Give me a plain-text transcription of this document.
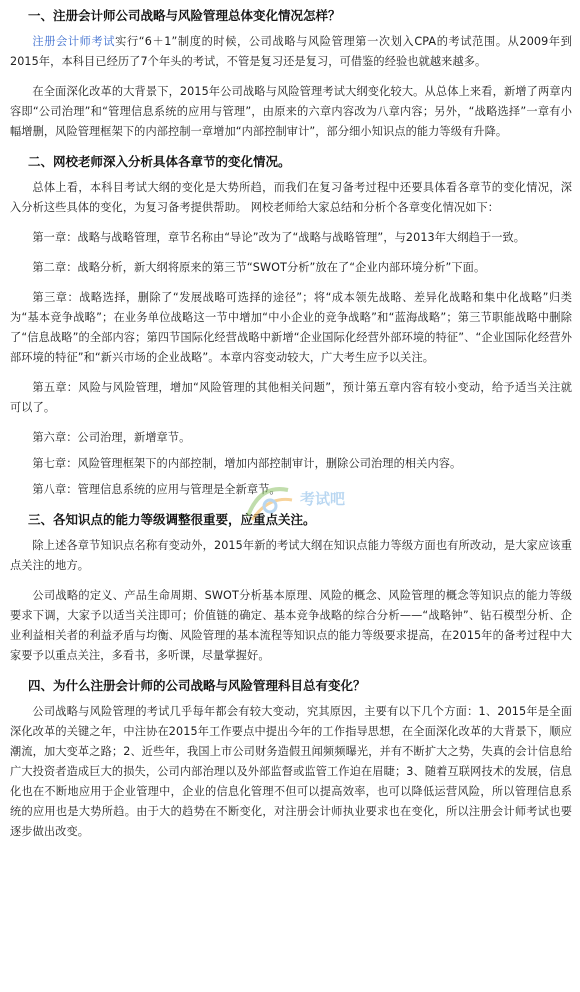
一、注册会计师公司战略与风险管理总体变化情况怎样？

注册会计师考试实行“6＋1”制度的时候，公司战略与风险管理第一次划入CPA的考试范围。从2009年到2015年，本科目已经历了7个年头的考试，不管是复习还是复习，可借鉴的经验也就越来越多。

在全面深化改革的大背景下，2015年公司战略与风险管理考试大纲变化较大。从总体上来看，新增了两章内容即“公司治理”和“管理信息系统的应用与管理”，由原来的六章内容改为八章内容；另外，“战略选择”一章有小幅增删，风险管理框架下的内部控制一章增加“内部控制审计”，部分细小知识点的能力等级有升降。

二、网校老师深入分析具体各章节的变化情况。

总体上看，本科目考试大纲的变化是大势所趋，而我们在复习备考过程中还要具体看各章节的变化情况，深入分析这些具体的变化，为复习备考提供帮助。 网校老师给大家总结和分析个各章变化情况如下：

第一章：战略与战略管理，章节名称由“导论”改为了“战略与战略管理”，与2013年大纲趋于一致。

第二章：战略分析，新大纲将原来的第三节“SWOT分析”放在了“企业内部环境分析”下面。

第三章：战略选择，删除了“发展战略可选择的途径”；将“成本领先战略、差异化战略和集中化战略”归类为“基本竞争战略”；在业务单位战略这一节中增加“中小企业的竞争战略”和“蓝海战略”；第三节职能战略中删除了“信息战略”的全部内容；第四节国际化经营战略中新增“企业国际化经营外部环境的特征”、“企业国际化经营外部环境的特征”和“新兴市场的企业战略”。本章内容变动较大，广大考生应予以关注。

第五章：风险与风险管理，增加“风险管理的其他相关问题”，预计第五章内容有较小变动，给予适当关注就可以了。

第六章：公司治理，新增章节。

第七章：风险管理框架下的内部控制，增加内部控制审计，删除公司治理的相关内容。

第八章：管理信息系统的应用与管理是全新章节。

三、各知识点的能力等级调整很重要，应重点关注。

除上述各章节知识点名称有变动外，2015年新的考试大纲在知识点能力等级方面也有所改动，是大家应该重点关注的地方。

公司战略的定义、产品生命周期、SWOT分析基本原理、风险的概念、风险管理的概念等知识点的能力等级要求下调，大家予以适当关注即可；价值链的确定、基本竞争战略的综合分析——“战略钟”、钻石模型分析、企业利益相关者的利益矛盾与均衡、风险管理的基本流程等知识点的能力等级要求提高，在2015年的备考过程中大家要予以重点关注，多看书，多听课，尽量掌握好。

四、为什么注册会计师的公司战略与风险管理科目总有变化？

公司战略与风险管理的考试几乎每年都会有较大变动，究其原因，主要有以下几个方面：1、2015年是全面深化改革的关键之年，中注协在2015年工作要点中提出今年的工作指导思想，在全面深化改革的大背景下，顺应潮流，加大变革之路；2、近些年，我国上市公司财务造假丑闻频频曝光，并有不断扩大之势，失真的会计信息给广大投资者造成巨大的损失，公司内部治理以及外部监督或监管工作迫在眉睫；3、随着互联网技术的发展，信息化也在不断地应用于企业管理中，企业的信息化管理不但可以提高效率，也可以降低运营风险，所以管理信息系统的应用也是大势所趋。由于大的趋势在不断变化，对注册会计师执业要求也在变化，所以注册会计师考试也要逐步做出改变。

考试吧
